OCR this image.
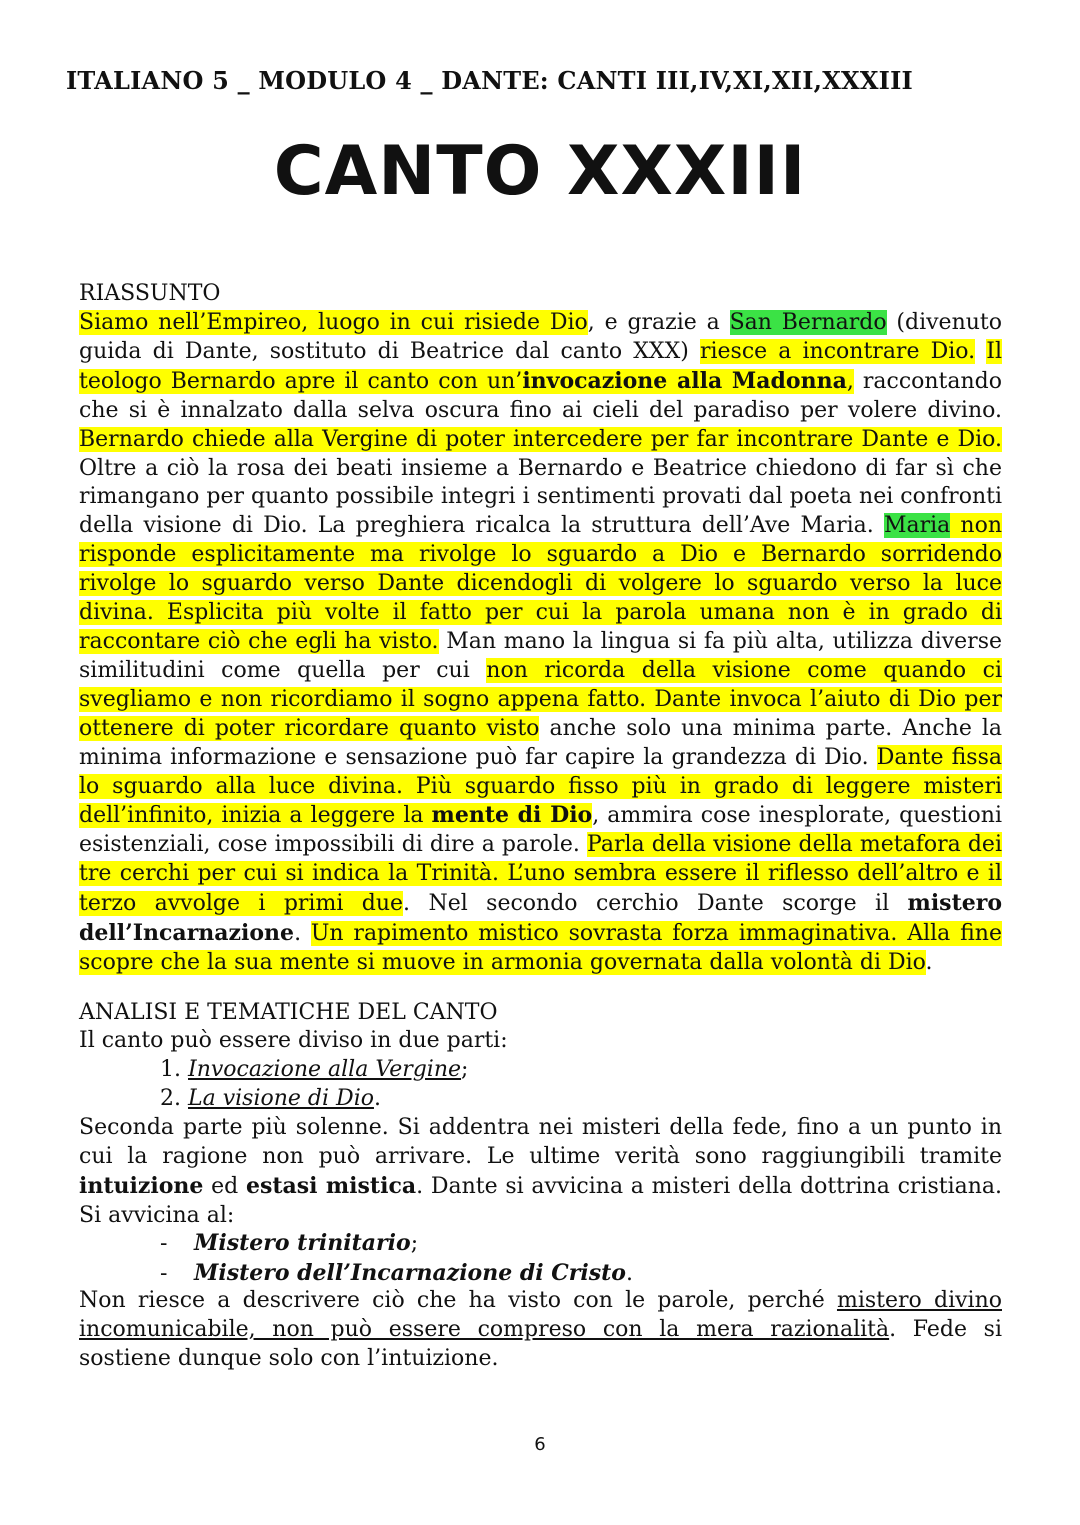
ITALIANO 5 _ MODULO 4 _ DANTE: CANTI III,IV,XI,XII,XXXIII
CANTO XXXIII
RIASSUNTO
Siamo nell’Empireo, luogo in cui risiede Dio, e grazie a San Bernardo (divenuto guida di Dante, sostituto di Beatrice dal canto XXX) riesce a incontrare Dio. Il teologo Bernardo apre il canto con un’invocazione alla Madonna, raccontando che si è innalzato dalla selva oscura fino ai cieli del paradiso per volere divino. Bernardo chiede alla Vergine di poter intercedere per far incontrare Dante e Dio. Oltre a ciò la rosa dei beati insieme a Bernardo e Beatrice chiedono di far sì che rimangano per quanto possibile integri i sentimenti provati dal poeta nei confronti della visione di Dio. La preghiera ricalca la struttura dell’Ave Maria. Maria non risponde esplicitamente ma rivolge lo sguardo a Dio e Bernardo sorridendo rivolge lo sguardo verso Dante dicendogli di volgere lo sguardo verso la luce divina. Esplicita più volte il fatto per cui la parola umana non è in grado di raccontare ciò che egli ha visto. Man mano la lingua si fa più alta, utilizza diverse similitudini come quella per cui non ricorda della visione come quando ci svegliamo e non ricordiamo il sogno appena fatto. Dante invoca l’aiuto di Dio per ottenere di poter ricordare quanto visto anche solo una minima parte. Anche la minima informazione e sensazione può far capire la grandezza di Dio. Dante fissa lo sguardo alla luce divina. Più sguardo fisso più in grado di leggere misteri dell’infinito, inizia a leggere la mente di Dio, ammira cose inesplorate, questioni esistenziali, cose impossibili di dire a parole. Parla della visione della metafora dei tre cerchi per cui si indica la Trinità. L’uno sembra essere il riflesso dell’altro e il terzo avvolge i primi due. Nel secondo cerchio Dante scorge il mistero dell’Incarnazione. Un rapimento mistico sovrasta forza immaginativa. Alla fine scopre che la sua mente si muove in armonia governata dalla volontà di Dio.
ANALISI E TEMATICHE DEL CANTO
Il canto può essere diviso in due parti:
1. Invocazione alla Vergine;
2. La visione di Dio.
Seconda parte più solenne. Si addentra nei misteri della fede, fino a un punto in cui la ragione non può arrivare. Le ultime verità sono raggiungibili tramite intuizione ed estasi mistica. Dante si avvicina a misteri della dottrina cristiana. Si avvicina al:
- Mistero trinitario;
- Mistero dell’Incarnazione di Cristo.
Non riesce a descrivere ciò che ha visto con le parole, perché mistero divino incomunicabile, non può essere compreso con la mera razionalità. Fede si sostiene dunque solo con l’intuizione.
6
